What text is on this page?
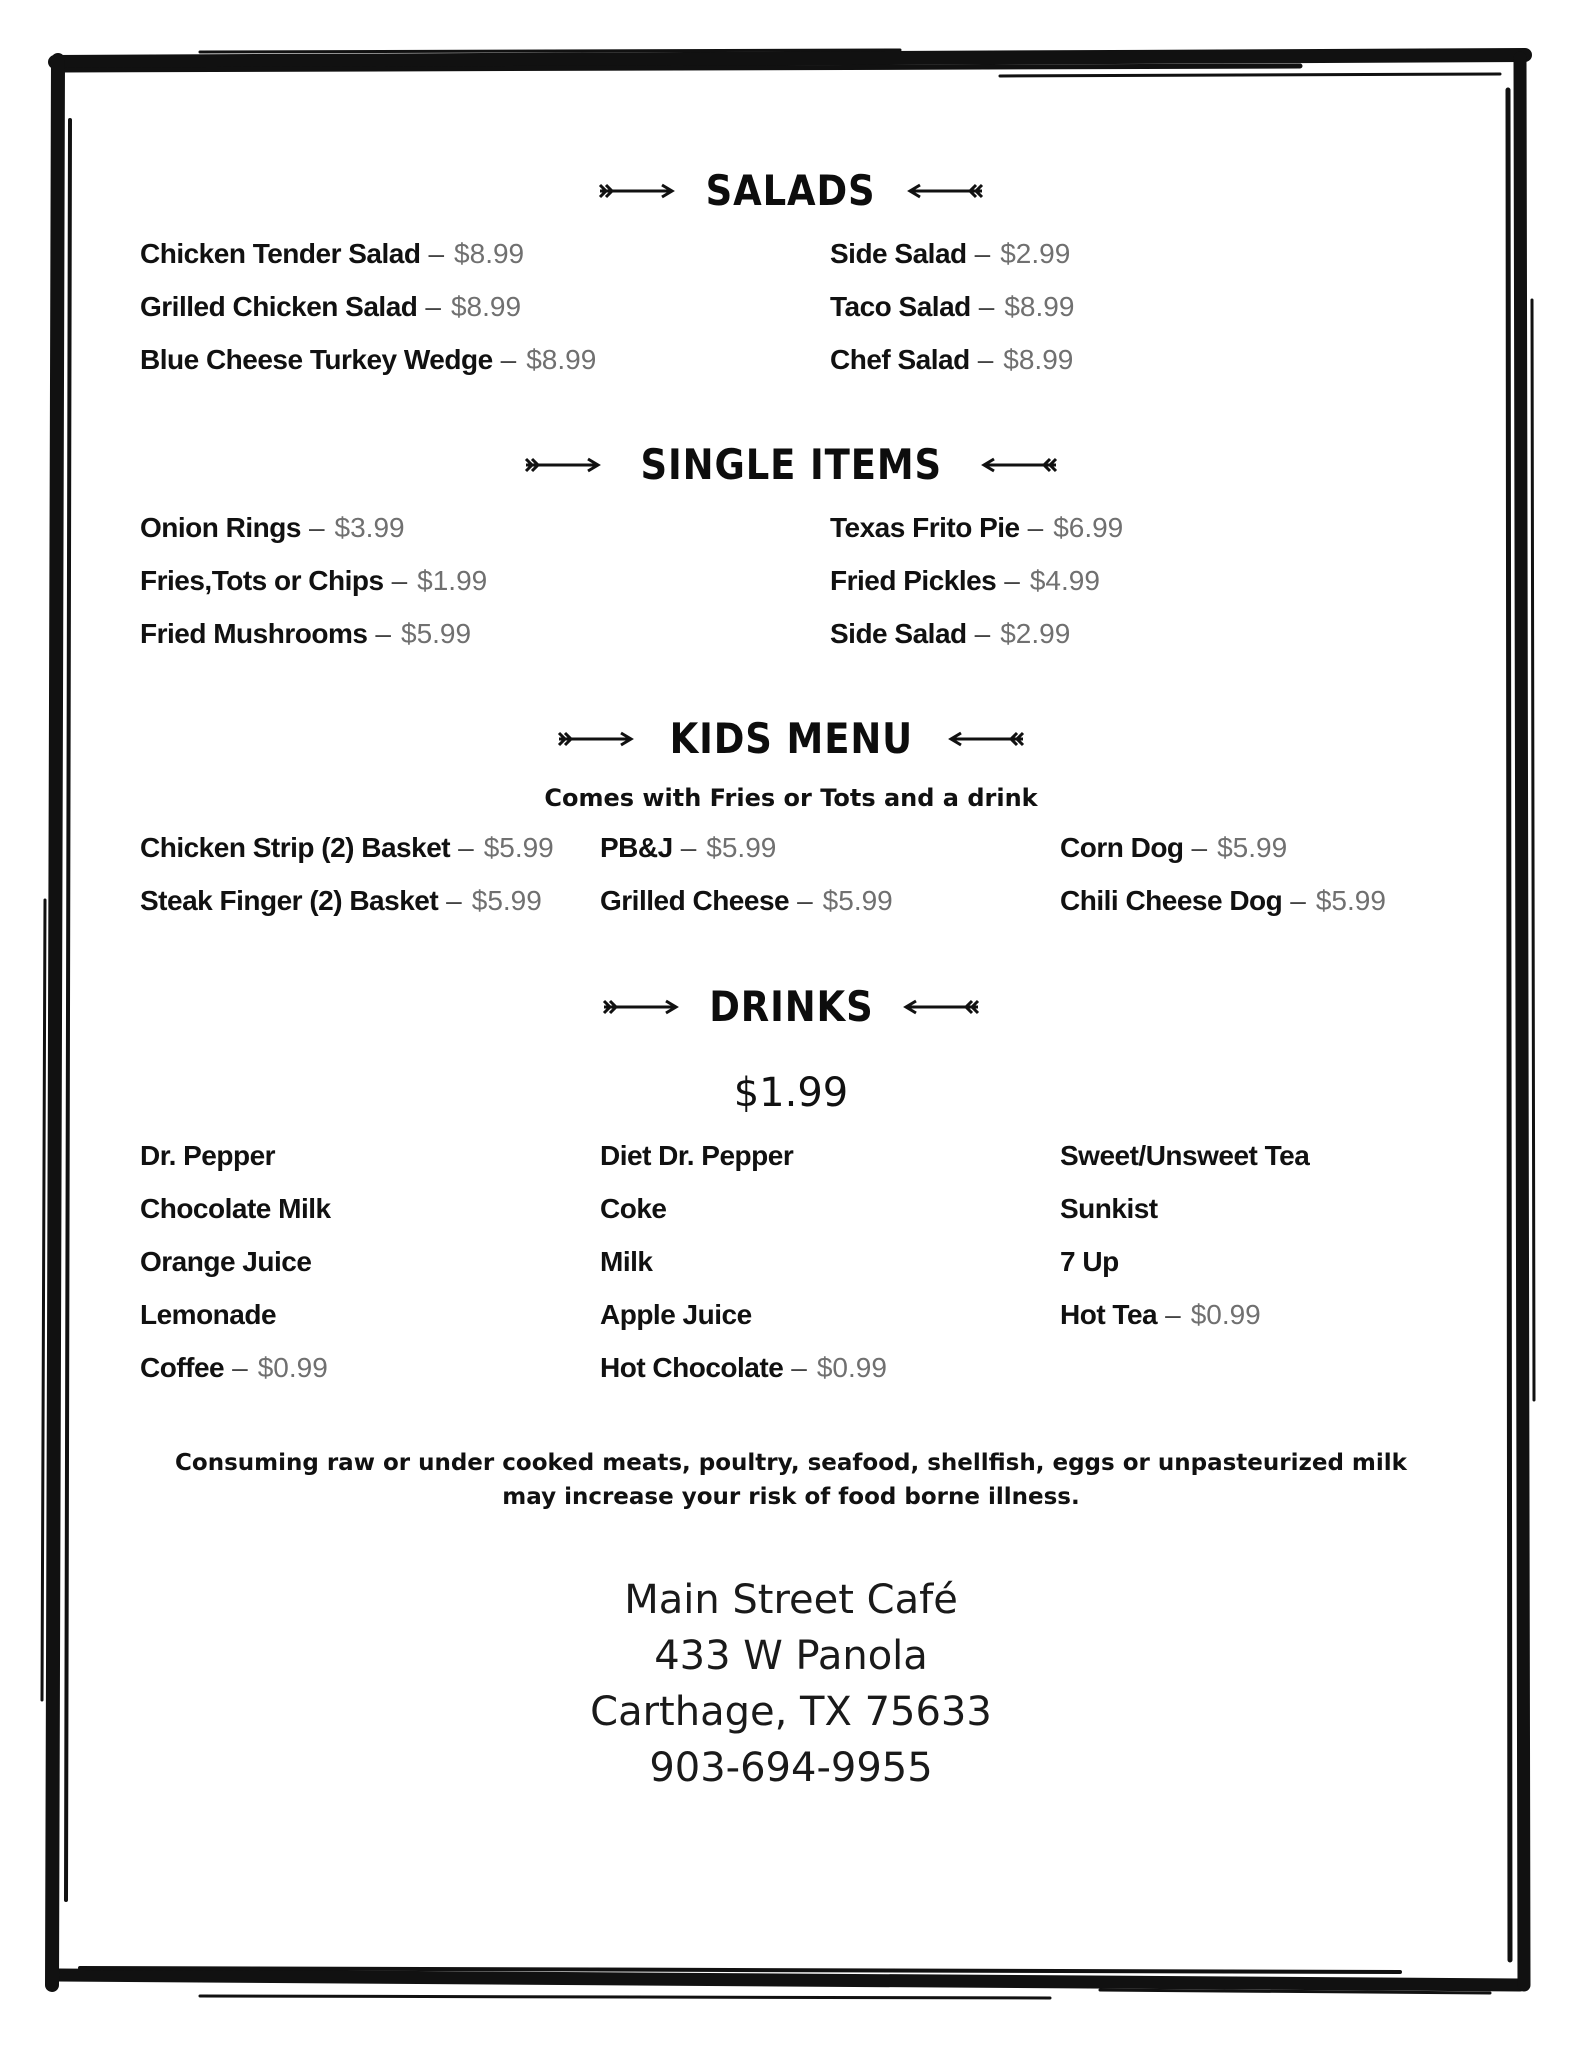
SALADS
Chicken Tender Salad – $8.99
Grilled Chicken Salad – $8.99
Blue Cheese Turkey Wedge – $8.99
Side Salad – $2.99
Taco Salad – $8.99
Chef Salad – $8.99
SINGLE ITEMS
Onion Rings – $3.99
Fries,Tots or Chips – $1.99
Fried Mushrooms – $5.99
Texas Frito Pie – $6.99
Fried Pickles – $4.99
Side Salad – $2.99
KIDS MENU
Comes with Fries or Tots and a drink
Chicken Strip (2) Basket – $5.99
Steak Finger (2) Basket – $5.99
PB&J – $5.99
Grilled Cheese – $5.99
Corn Dog – $5.99
Chili Cheese Dog – $5.99
DRINKS
$1.99
Dr. Pepper
Chocolate Milk
Orange Juice
Lemonade
Coffee – $0.99
Diet Dr. Pepper
Coke
Milk
Apple Juice
Hot Chocolate – $0.99
Sweet/Unsweet Tea
Sunkist
7 Up
Hot Tea – $0.99
Consuming raw or under cooked meats, poultry, seafood, shellfish, eggs or unpasteurized milk may increase your risk of food borne illness.
Main Street Café
433 W Panola
Carthage, TX 75633
903-694-9955
